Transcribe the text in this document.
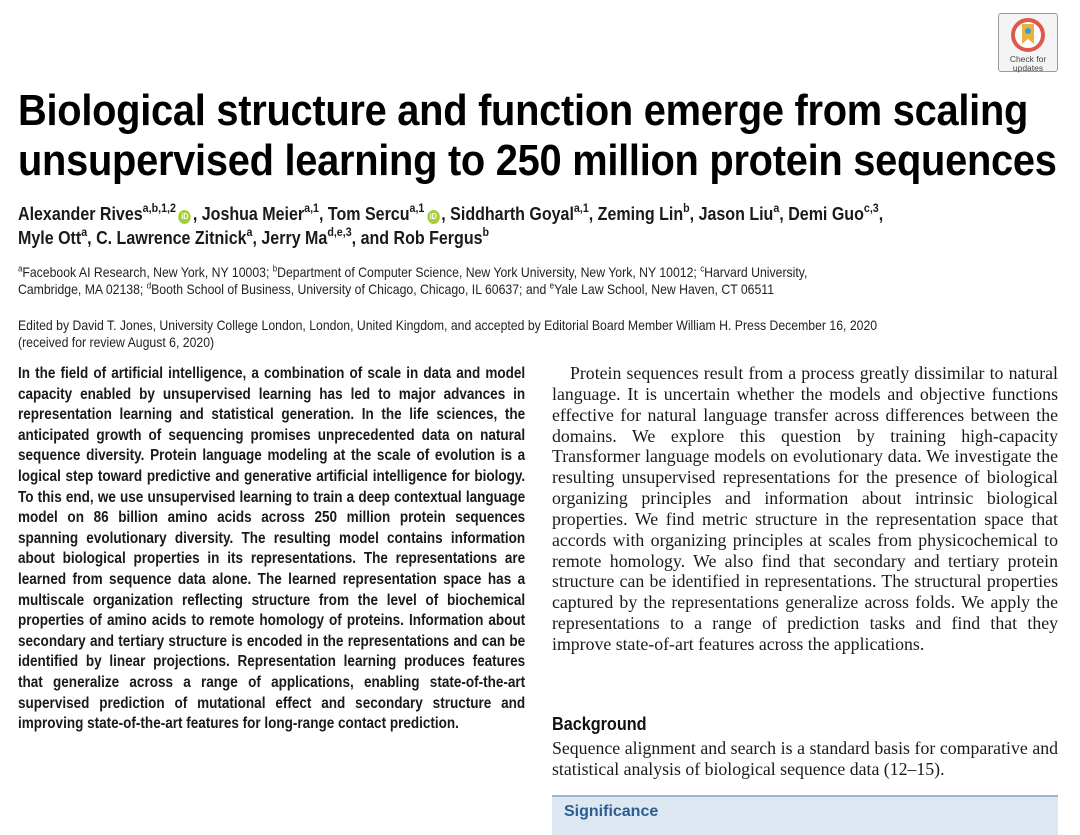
Check for
updates
Biological structure and function emerge from scaling
unsupervised learning to 250 million protein sequences
Alexander Rives$^{a,b,1,2}$iD , Joshua Meier$^{a,1}$, Tom Sercu$^{a,1}$iD , Siddharth Goyal$^{a,1}$, Zeming Lin$^b$, Jason Liu$^a$, Demi Guo$^{c,3}$,
Myle Ott$^a$, C. Lawrence Zitnick$^a$, Jerry Ma$^{d,e,3}$, and Rob Fergus$^b$
$^a$Facebook AI Research, New York, NY 10003; $^b$Department of Computer Science, New York University, New York, NY 10012; $^c$Harvard University,
Cambridge, MA 02138; $^d$Booth School of Business, University of Chicago, Chicago, IL 60637; and $^e$Yale Law School, New Haven, CT 06511
Edited by David T. Jones, University College London, London, United Kingdom, and accepted by Editorial Board Member William H. Press December 16, 2020
(received for review August 6, 2020)

In the field of artificial intelligence, a combination of scale in data and model capacity enabled by unsupervised learning has led to major advances in representation learning and statistical generation. In the life sciences, the anticipated growth of sequencing promises unprecedented data on natural sequence diversity. Protein language modeling at the scale of evolution is a logical step toward predictive and generative artificial intelligence for biology. To this end, we use unsupervised learning to train a deep contextual language model on 86 billion amino acids across 250 million protein sequences spanning evolutionary diversity. The resulting model contains information about biological properties in its representations. The representations are learned from sequence data alone. The learned representation space has a multiscale organization reflecting structure from the level of biochemical properties of amino acids to remote homology of proteins. Information about secondary and tertiary structure is encoded in the representations and can be identified by linear projections. Representation learning produces features that generalize across a range of applications, enabling state-of-the-art supervised prediction of mutational effect and secondary structure and improving state-of-the-art features for long-range contact prediction.

Protein sequences result from a process greatly dissimilar to natural language. It is uncertain whether the models and objective functions effective for natural language transfer across differences between the domains. We explore this question by training high-capacity Transformer language models on evolutionary data. We investigate the resulting unsupervised representations for the presence of biological organizing principles and information about intrinsic biological properties. We find metric structure in the representation space that accords with organizing principles at scales from physicochemical to remote homology. We also find that secondary and tertiary protein structure can be identified in representations. The structural properties captured by the representations generalize across folds. We apply the representations to a range of prediction tasks and find that they improve state-of-art features across the applications.

Background

Sequence alignment and search is a standard basis for comparative and statistical analysis of biological sequence data (12–15).

Significance
